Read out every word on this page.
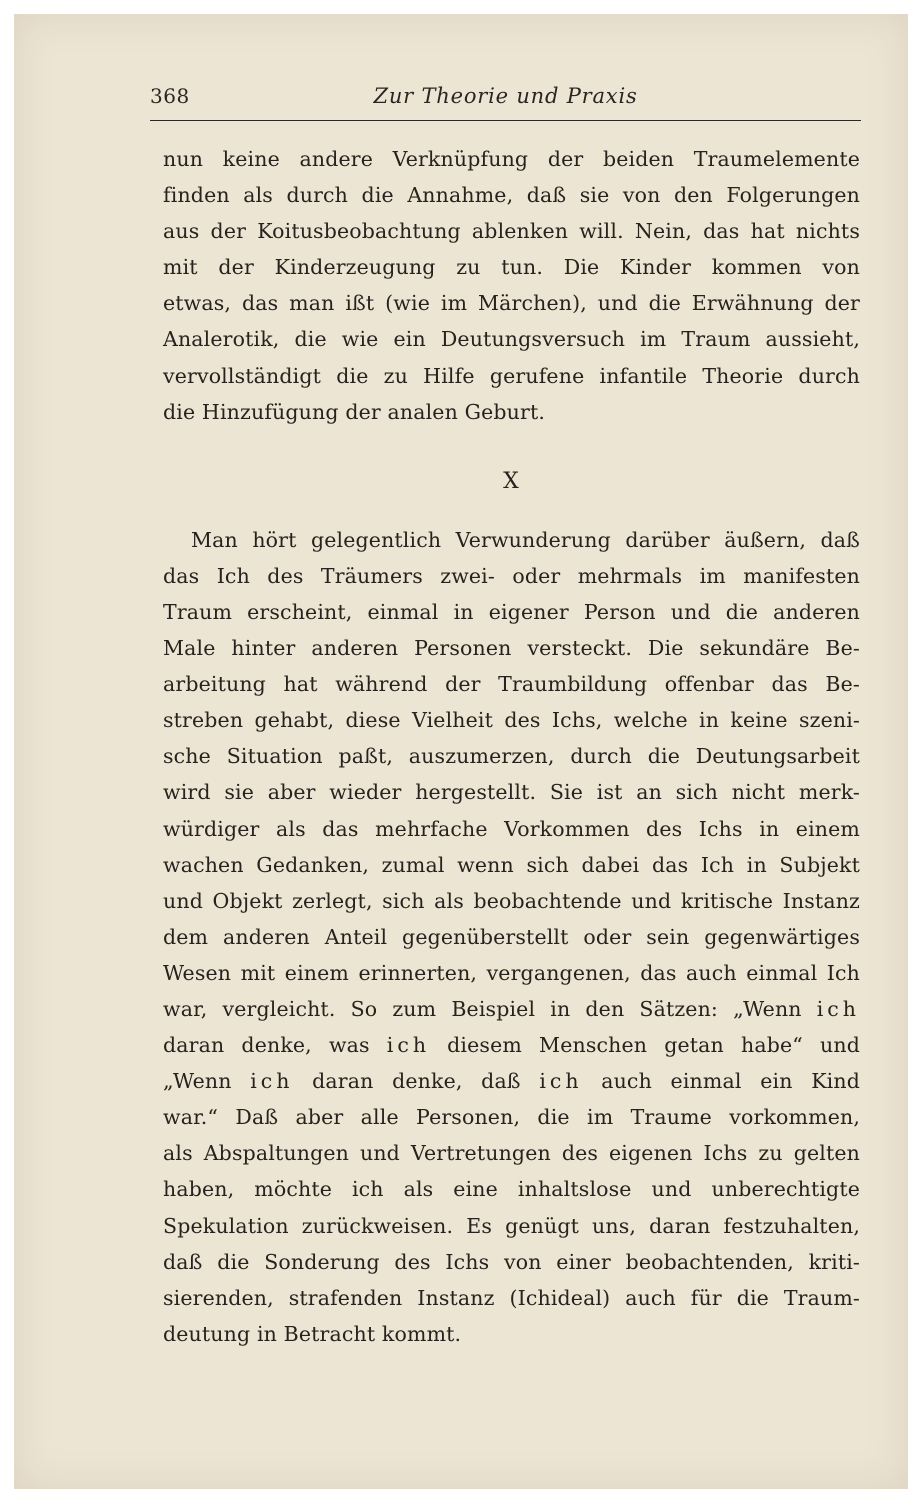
368	Zur Theorie und Praxis
nun keine andere Verknüpfung der beiden Traumelemente
finden als durch die Annahme, daß sie von den Folgerungen
aus der Koitusbeobachtung ablenken will. Nein, das hat nichts
mit der Kinderzeugung zu tun. Die Kinder kommen von
etwas, das man ißt (wie im Märchen), und die Erwähnung der
Analerotik, die wie ein Deutungsversuch im Traum aussieht,
vervollständigt die zu Hilfe gerufene infantile Theorie durch
die Hinzufügung der analen Geburt.
X
Man hört gelegentlich Verwunderung darüber äußern, daß
das Ich des Träumers zwei- oder mehrmals im manifesten
Traum erscheint, einmal in eigener Person und die anderen
Male hinter anderen Personen versteckt. Die sekundäre Be-
arbeitung hat während der Traumbildung offenbar das Be-
streben gehabt, diese Vielheit des Ichs, welche in keine szeni-
sche Situation paßt, auszumerzen, durch die Deutungsarbeit
wird sie aber wieder hergestellt. Sie ist an sich nicht merk-
würdiger als das mehrfache Vorkommen des Ichs in einem
wachen Gedanken, zumal wenn sich dabei das Ich in Subjekt
und Objekt zerlegt, sich als beobachtende und kritische Instanz
dem anderen Anteil gegenüberstellt oder sein gegenwärtiges
Wesen mit einem erinnerten, vergangenen, das auch einmal Ich
war, vergleicht. So zum Beispiel in den Sätzen: „Wenn ich
daran denke, was ich diesem Menschen getan habe“ und
„Wenn ich daran denke, daß ich auch einmal ein Kind
war.“ Daß aber alle Personen, die im Traume vorkommen,
als Abspaltungen und Vertretungen des eigenen Ichs zu gelten
haben, möchte ich als eine inhaltslose und unberechtigte
Spekulation zurückweisen. Es genügt uns, daran festzuhalten,
daß die Sonderung des Ichs von einer beobachtenden, kriti-
sierenden, strafenden Instanz (Ichideal) auch für die Traum-
deutung in Betracht kommt.
